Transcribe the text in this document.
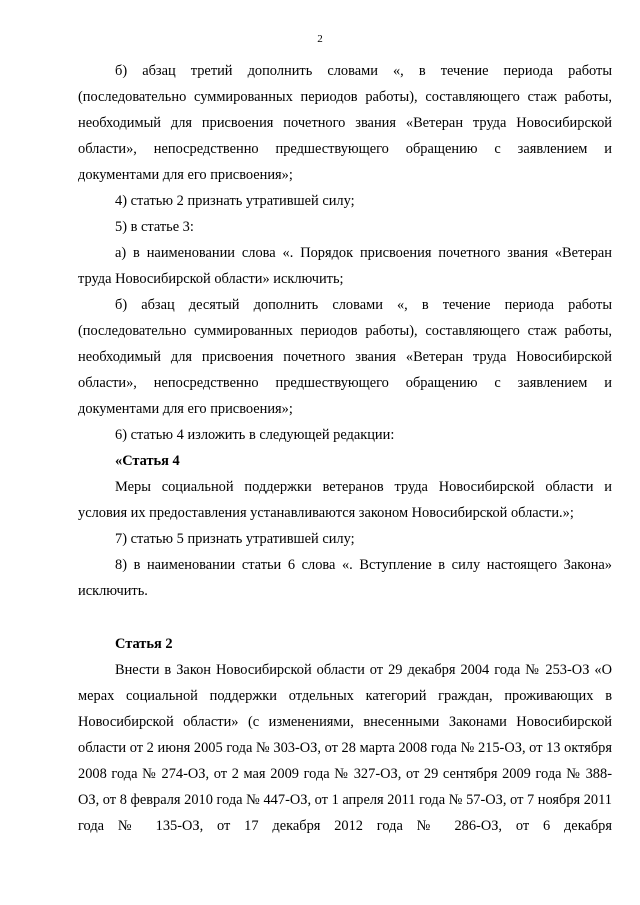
2

б) абзац третий дополнить словами «, в течение периода работы (последовательно суммированных периодов работы), составляющего стаж работы, необходимый для присвоения почетного звания «Ветеран труда Новосибирской области», непосредственно предшествующего обращению с заявлением и документами для его присвоения»;

4) статью 2 признать утратившей силу;

5) в статье 3:

а) в наименовании слова «. Порядок присвоения почетного звания «Ветеран труда Новосибирской области» исключить;

б) абзац десятый дополнить словами «, в течение периода работы (последовательно суммированных периодов работы), составляющего стаж работы, необходимый для присвоения почетного звания «Ветеран труда Новосибирской области», непосредственно предшествующего обращению с заявлением и документами для его присвоения»;

6) статью 4 изложить в следующей редакции:

«Статья 4

Меры социальной поддержки ветеранов труда Новосибирской области и условия их предоставления устанавливаются законом Новосибирской области.»;

7) статью 5 признать утратившей силу;

8) в наименовании статьи 6 слова «. Вступление в силу настоящего Закона» исключить.

Статья 2

Внести в Закон Новосибирской области от 29 декабря 2004 года № 253-ОЗ «О мерах социальной поддержки отдельных категорий граждан, проживающих в Новосибирской области» (с изменениями, внесенными Законами Новосибирской области от 2 июня 2005 года № 303-ОЗ, от 28 марта 2008 года № 215-ОЗ, от 13 октября 2008 года № 274-ОЗ, от 2 мая 2009 года № 327-ОЗ, от 29 сентября 2009 года № 388-ОЗ, от 8 февраля 2010 года № 447-ОЗ, от 1 апреля 2011 года № 57-ОЗ, от 7 ноября 2011 года № 135-ОЗ, от 17 декабря 2012 года № 286-ОЗ, от 6 декабря
